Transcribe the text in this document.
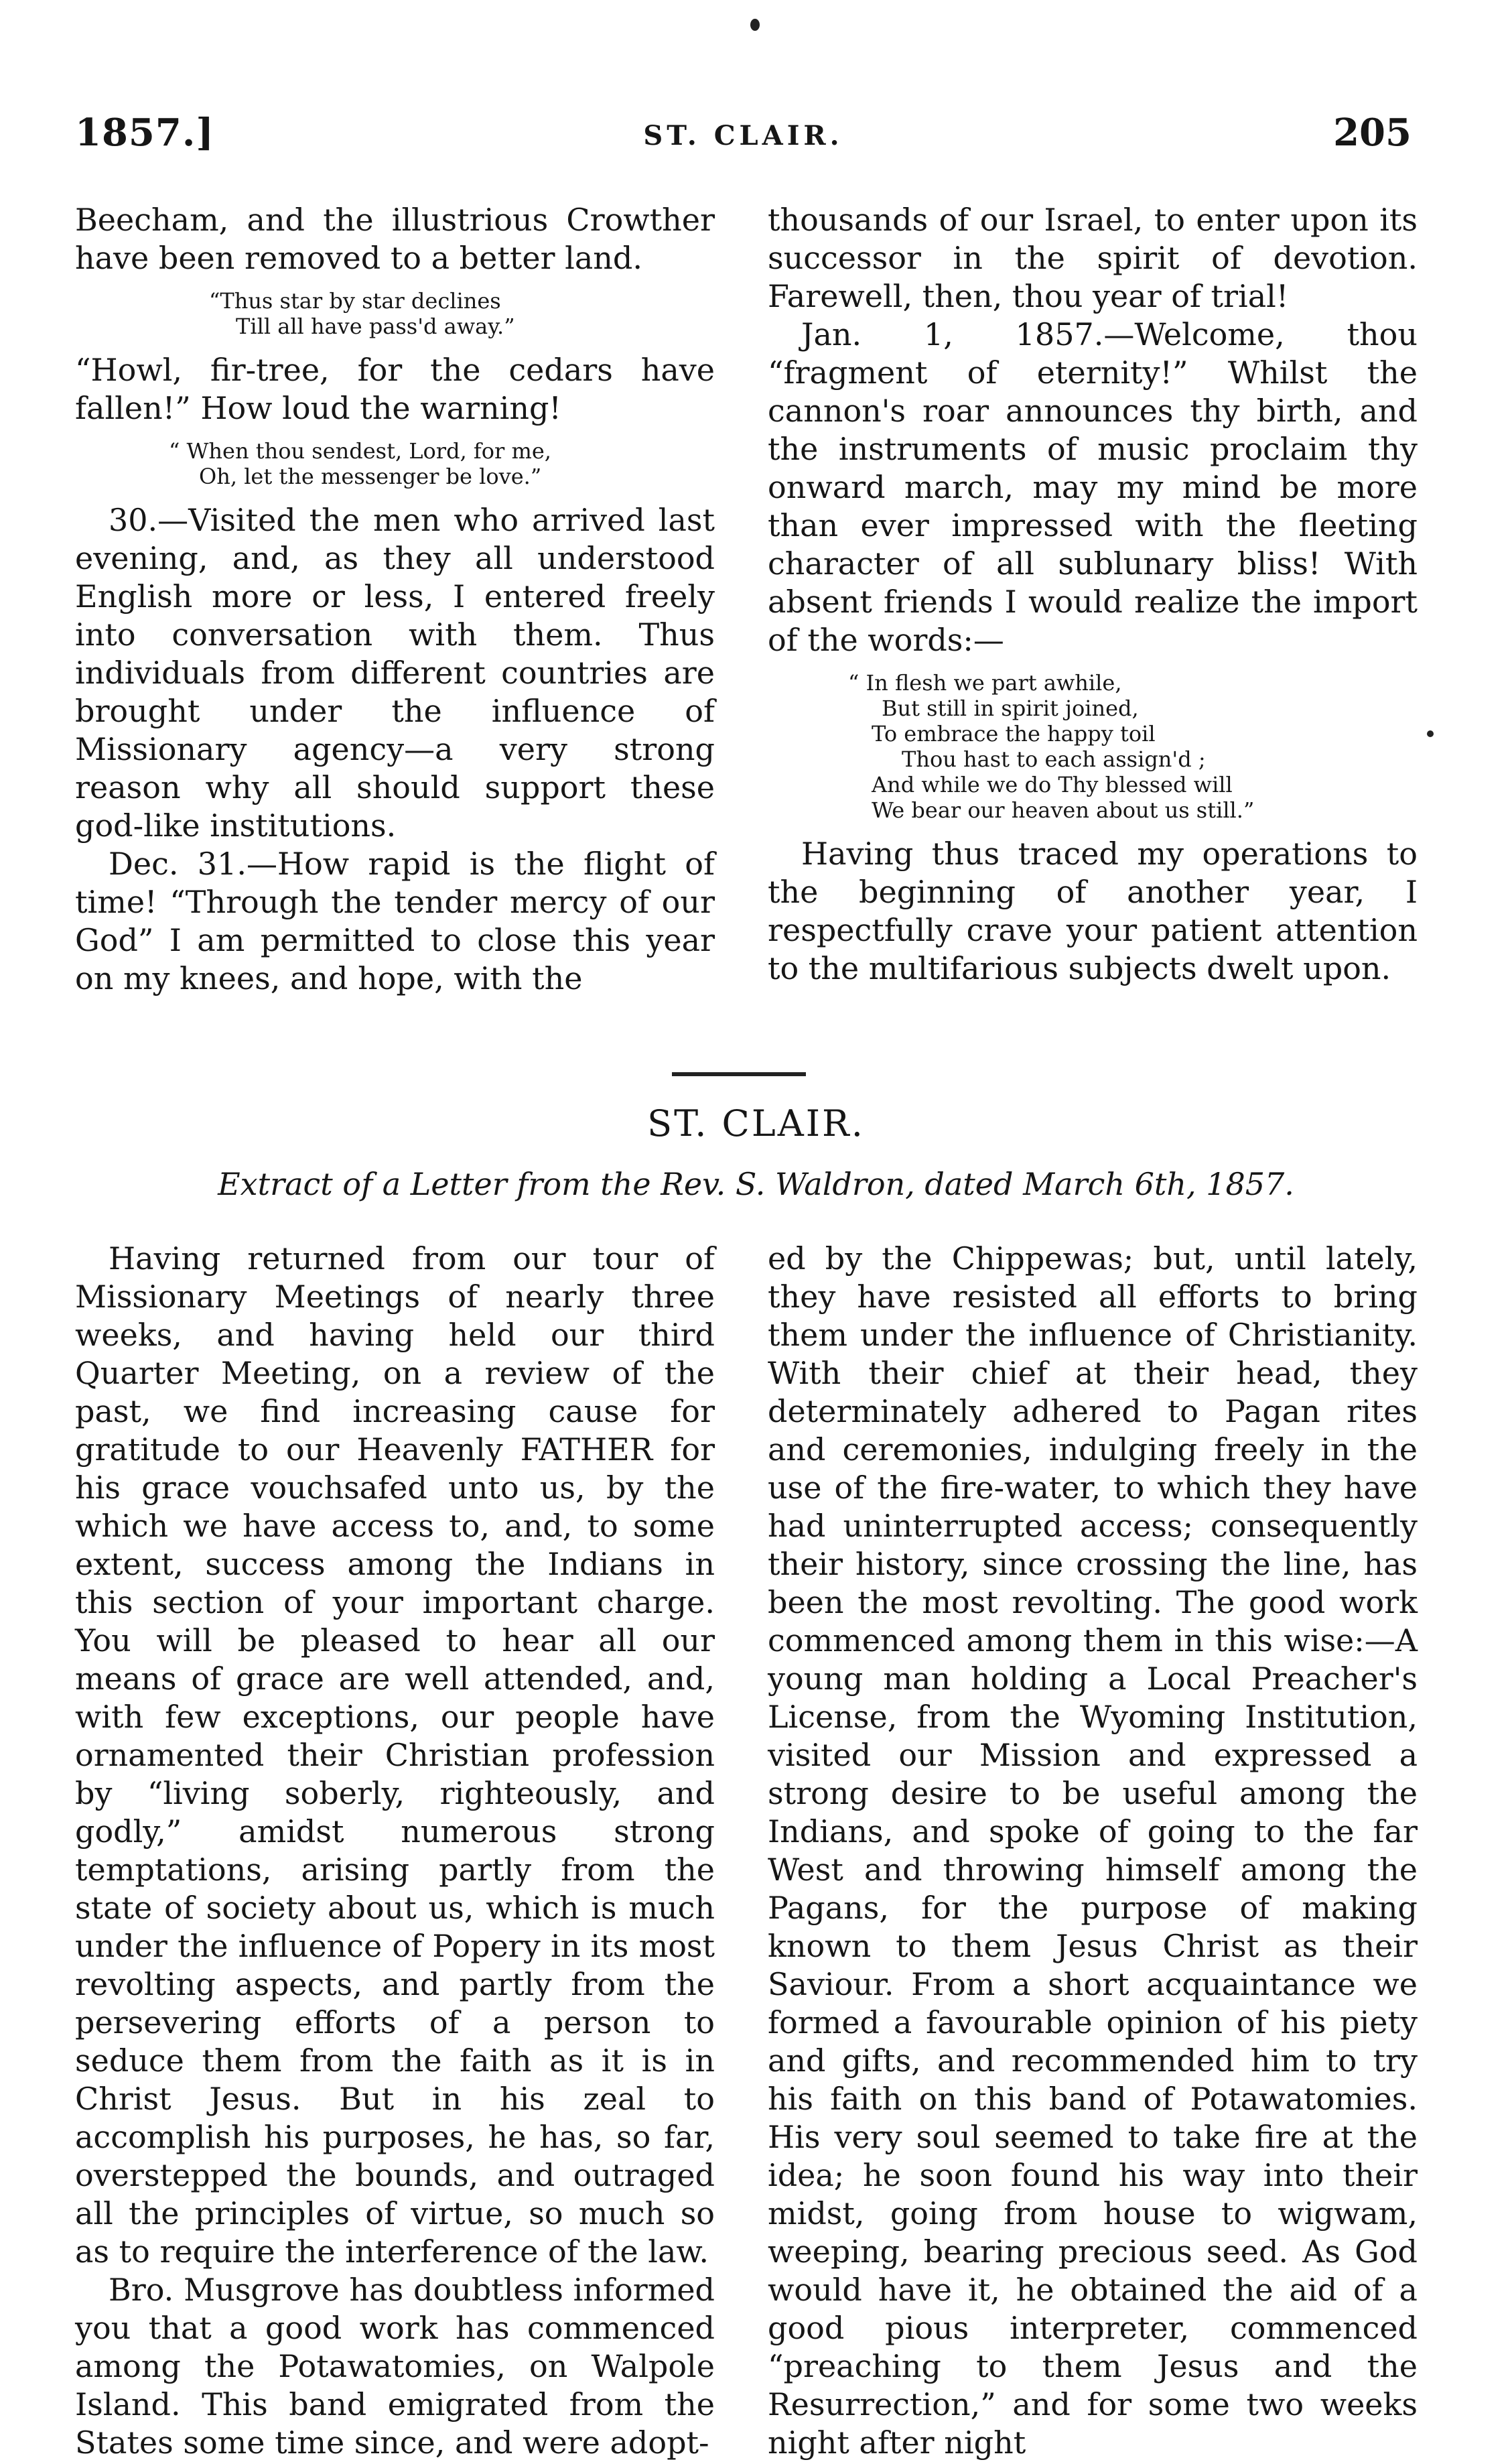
1857.]	ST. CLAIR.	205

Beecham, and the illustrious Crowther have been removed to a better land.

“Thus star by star declines
Till all have pass'd away.”

“Howl, fir-tree, for the cedars have fallen!” How loud the warning!

“ When thou sendest, Lord, for me,
Oh, let the messenger be love.”

30.—Visited the men who arrived last evening, and, as they all understood English more or less, I entered freely into conversation with them. Thus individuals from different countries are brought under the influence of Missionary agency—a very strong reason why all should support these god-like institutions.

Dec. 31.—How rapid is the flight of time! “Through the tender mercy of our God” I am permitted to close this year on my knees, and hope, with the

thousands of our Israel, to enter upon its successor in the spirit of devotion. Farewell, then, thou year of trial!

Jan. 1, 1857.—Welcome, thou “fragment of eternity!” Whilst the cannon's roar announces thy birth, and the instruments of music proclaim thy onward march, may my mind be more than ever impressed with the fleeting character of all sublunary bliss! With absent friends I would realize the import of the words:—

“ In flesh we part awhile,
But still in spirit joined,
To embrace the happy toil
Thou hast to each assign'd ;
And while we do Thy blessed will
We bear our heaven about us still.”

Having thus traced my operations to the beginning of another year, I respectfully crave your patient attention to the multifarious subjects dwelt upon.

ST. CLAIR.
Extract of a Letter from the Rev. S. Waldron, dated March 6th, 1857.

Having returned from our tour of Missionary Meetings of nearly three weeks, and having held our third Quarter Meeting, on a review of the past, we find increasing cause for gratitude to our Heavenly FATHER for his grace vouchsafed unto us, by the which we have access to, and, to some extent, success among the Indians in this section of your important charge. You will be pleased to hear all our means of grace are well attended, and, with few exceptions, our people have ornamented their Christian profession by “living soberly, righteously, and godly,” amidst numerous strong temptations, arising partly from the state of society about us, which is much under the influence of Popery in its most revolting aspects, and partly from the persevering efforts of a person to seduce them from the faith as it is in Christ Jesus. But in his zeal to accomplish his purposes, he has, so far, overstepped the bounds, and outraged all the principles of virtue, so much so as to require the interference of the law.

Bro. Musgrove has doubtless informed you that a good work has commenced among the Potawatomies, on Walpole Island. This band emigrated from the States some time since, and were adopt-

ed by the Chippewas; but, until lately, they have resisted all efforts to bring them under the influence of Christianity. With their chief at their head, they determinately adhered to Pagan rites and ceremonies, indulging freely in the use of the fire-water, to which they have had uninterrupted access; consequently their history, since crossing the line, has been the most revolting. The good work commenced among them in this wise:—A young man holding a Local Preacher's License, from the Wyoming Institution, visited our Mission and expressed a strong desire to be useful among the Indians, and spoke of going to the far West and throwing himself among the Pagans, for the purpose of making known to them Jesus Christ as their Saviour. From a short acquaintance we formed a favourable opinion of his piety and gifts, and recommended him to try his faith on this band of Potawatomies. His very soul seemed to take fire at the idea; he soon found his way into their midst, going from house to wigwam, weeping, bearing precious seed. As God would have it, he obtained the aid of a good pious interpreter, commenced “preaching to them Jesus and the Resurrection,” and for some two weeks night after night
